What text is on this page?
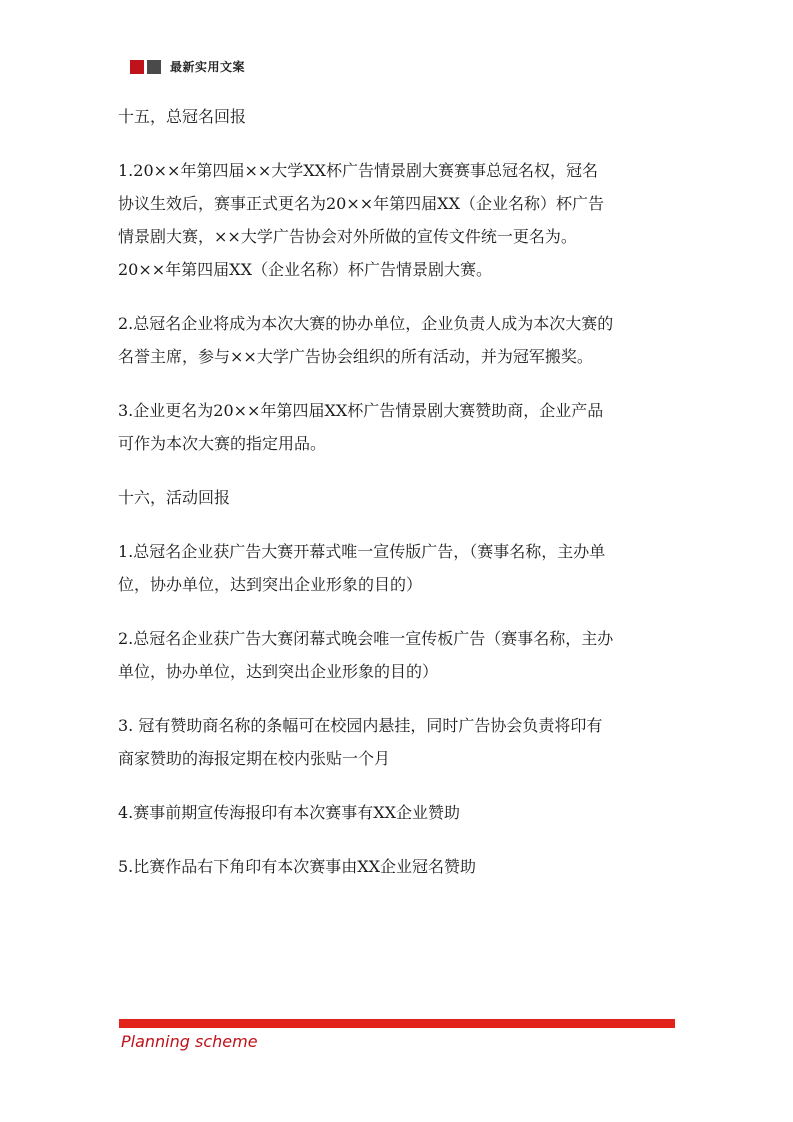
最新实用文案
十五，总冠名回报
1.20××年第四届××大学XX杯广告情景剧大赛赛事总冠名权，冠名
协议生效后，赛事正式更名为20××年第四届XX（企业名称）杯广告
情景剧大赛，××大学广告协会对外所做的宣传文件统一更名为。
20××年第四届XX（企业名称）杯广告情景剧大赛。
2.总冠名企业将成为本次大赛的协办单位，企业负责人成为本次大赛的
名誉主席，参与××大学广告协会组织的所有活动，并为冠军搬奖。
3.企业更名为20××年第四届XX杯广告情景剧大赛赞助商，企业产品
可作为本次大赛的指定用品。
十六，活动回报
1.总冠名企业获广告大赛开幕式唯一宣传版广告，（赛事名称，主办单
位，协办单位，达到突出企业形象的目的）
2.总冠名企业获广告大赛闭幕式晚会唯一宣传板广告（赛事名称，主办
单位，协办单位，达到突出企业形象的目的）
3. 冠有赞助商名称的条幅可在校园内悬挂，同时广告协会负责将印有
商家赞助的海报定期在校内张贴一个月
4.赛事前期宣传海报印有本次赛事有XX企业赞助
5.比赛作品右下角印有本次赛事由XX企业冠名赞助
Planning scheme
